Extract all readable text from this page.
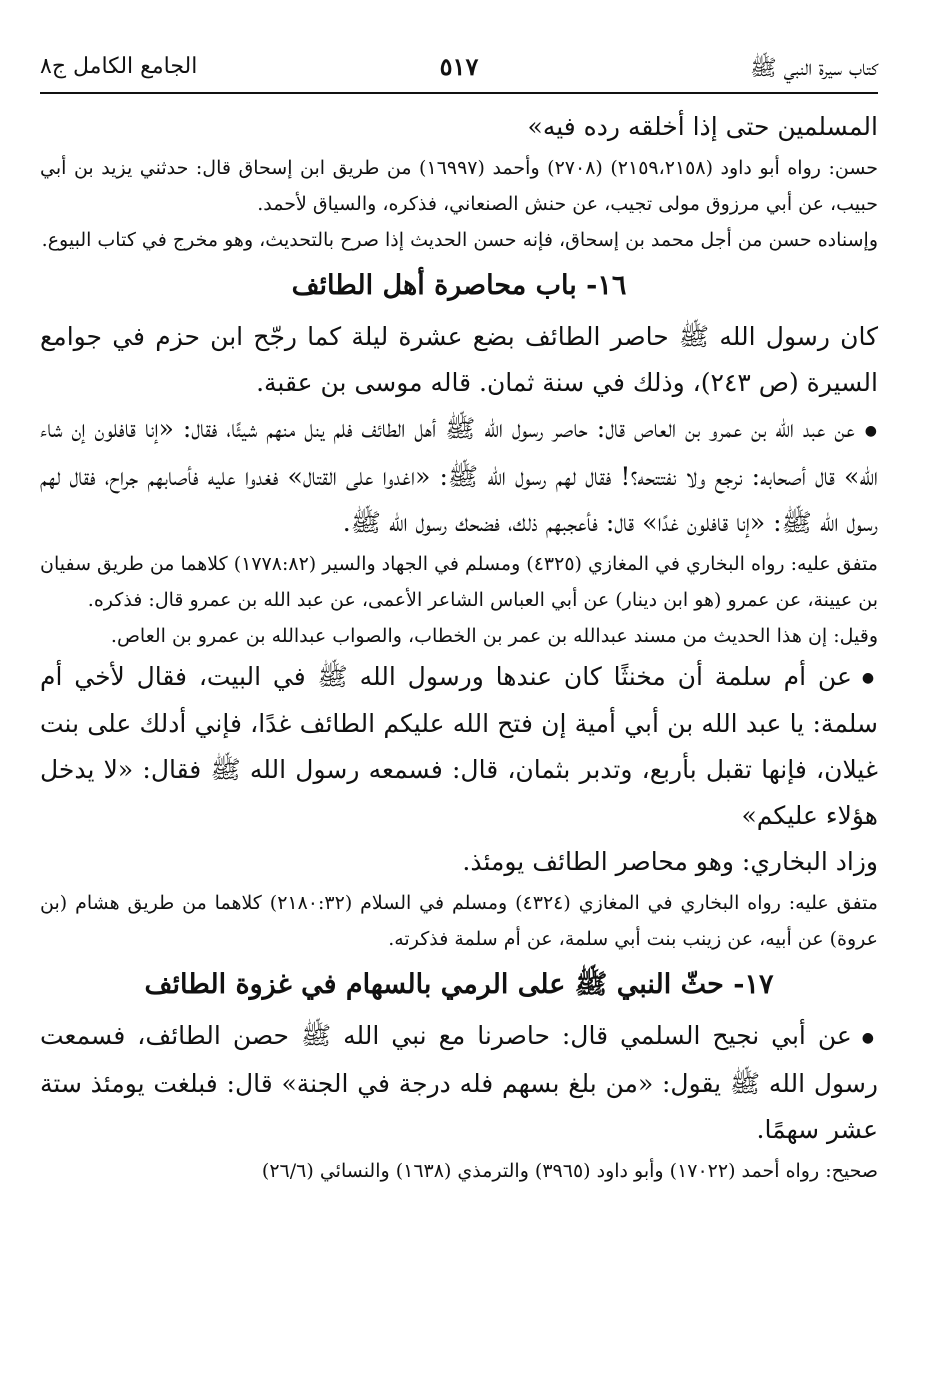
كتاب سيرة النبي ﷺ
٥١٧
الجامع الكامل ج٨

المسلمين حتى إذا أخلقه رده فيه»

حسن: رواه أبو داود (٢١٥٩،٢١٥٨) (٢٧٠٨) وأحمد (١٦٩٩٧) من طريق ابن إسحاق قال: حدثني يزيد بن أبي حبيب، عن أبي مرزوق مولى تجيب، عن حنش الصنعاني، فذكره، والسياق لأحمد.

وإسناده حسن من أجل محمد بن إسحاق، فإنه حسن الحديث إذا صرح بالتحديث، وهو مخرج في كتاب البيوع.

١٦- باب محاصرة أهل الطائف

كان رسول الله ﷺ حاصر الطائف بضع عشرة ليلة كما رجّح ابن حزم في جوامع السيرة (ص ٢٤٣)، وذلك في سنة ثمان. قاله موسى بن عقبة.

● عن عبد الله بن عمرو بن العاص قال: حاصر رسول الله ﷺ أهل الطائف فلم ينل منهم شيئًا، فقال: «إنا قافلون إن شاء اللّه» قال أصحابه: نرجع ولا نفتتحه؟! فقال لهم رسول الله ﷺ: «اغدوا على القتال» فغدوا عليه فأصابهم جراح، فقال لهم رسول الله ﷺ: «إنا قافلون غدًا» قال: فأعجبهم ذلك، فضحك رسول الله ﷺ.

متفق عليه: رواه البخاري في المغازي (٤٣٢٥) ومسلم في الجهاد والسير (١٧٧٨:٨٢) كلاهما من طريق سفيان بن عيينة، عن عمرو (هو ابن دينار) عن أبي العباس الشاعر الأعمى، عن عبد الله بن عمرو قال: فذكره.

وقيل: إن هذا الحديث من مسند عبدالله بن عمر بن الخطاب، والصواب عبدالله بن عمرو بن العاص.

● عن أم سلمة أن مخنثًا كان عندها ورسول الله ﷺ في البيت، فقال لأخي أم سلمة: يا عبد الله بن أبي أمية إن فتح الله عليكم الطائف غدًا، فإني أدلك على بنت غيلان، فإنها تقبل بأربع، وتدبر بثمان، قال: فسمعه رسول الله ﷺ فقال: «لا يدخل هؤلاء عليكم»

وزاد البخاري: وهو محاصر الطائف يومئذ.

متفق عليه: رواه البخاري في المغازي (٤٣٢٤) ومسلم في السلام (٢١٨٠:٣٢) كلاهما من طريق هشام (بن عروة) عن أبيه، عن زينب بنت أبي سلمة، عن أم سلمة فذكرته.

١٧- حثّ النبي ﷺ على الرمي بالسهام في غزوة الطائف

● عن أبي نجيح السلمي قال: حاصرنا مع نبي الله ﷺ حصن الطائف، فسمعت رسول الله ﷺ يقول: «من بلغ بسهم فله درجة في الجنة» قال: فبلغت يومئذ ستة عشر سهمًا.

صحيح: رواه أحمد (١٧٠٢٢) وأبو داود (٣٩٦٥) والترمذي (١٦٣٨) والنسائي (٢٦/٦)
